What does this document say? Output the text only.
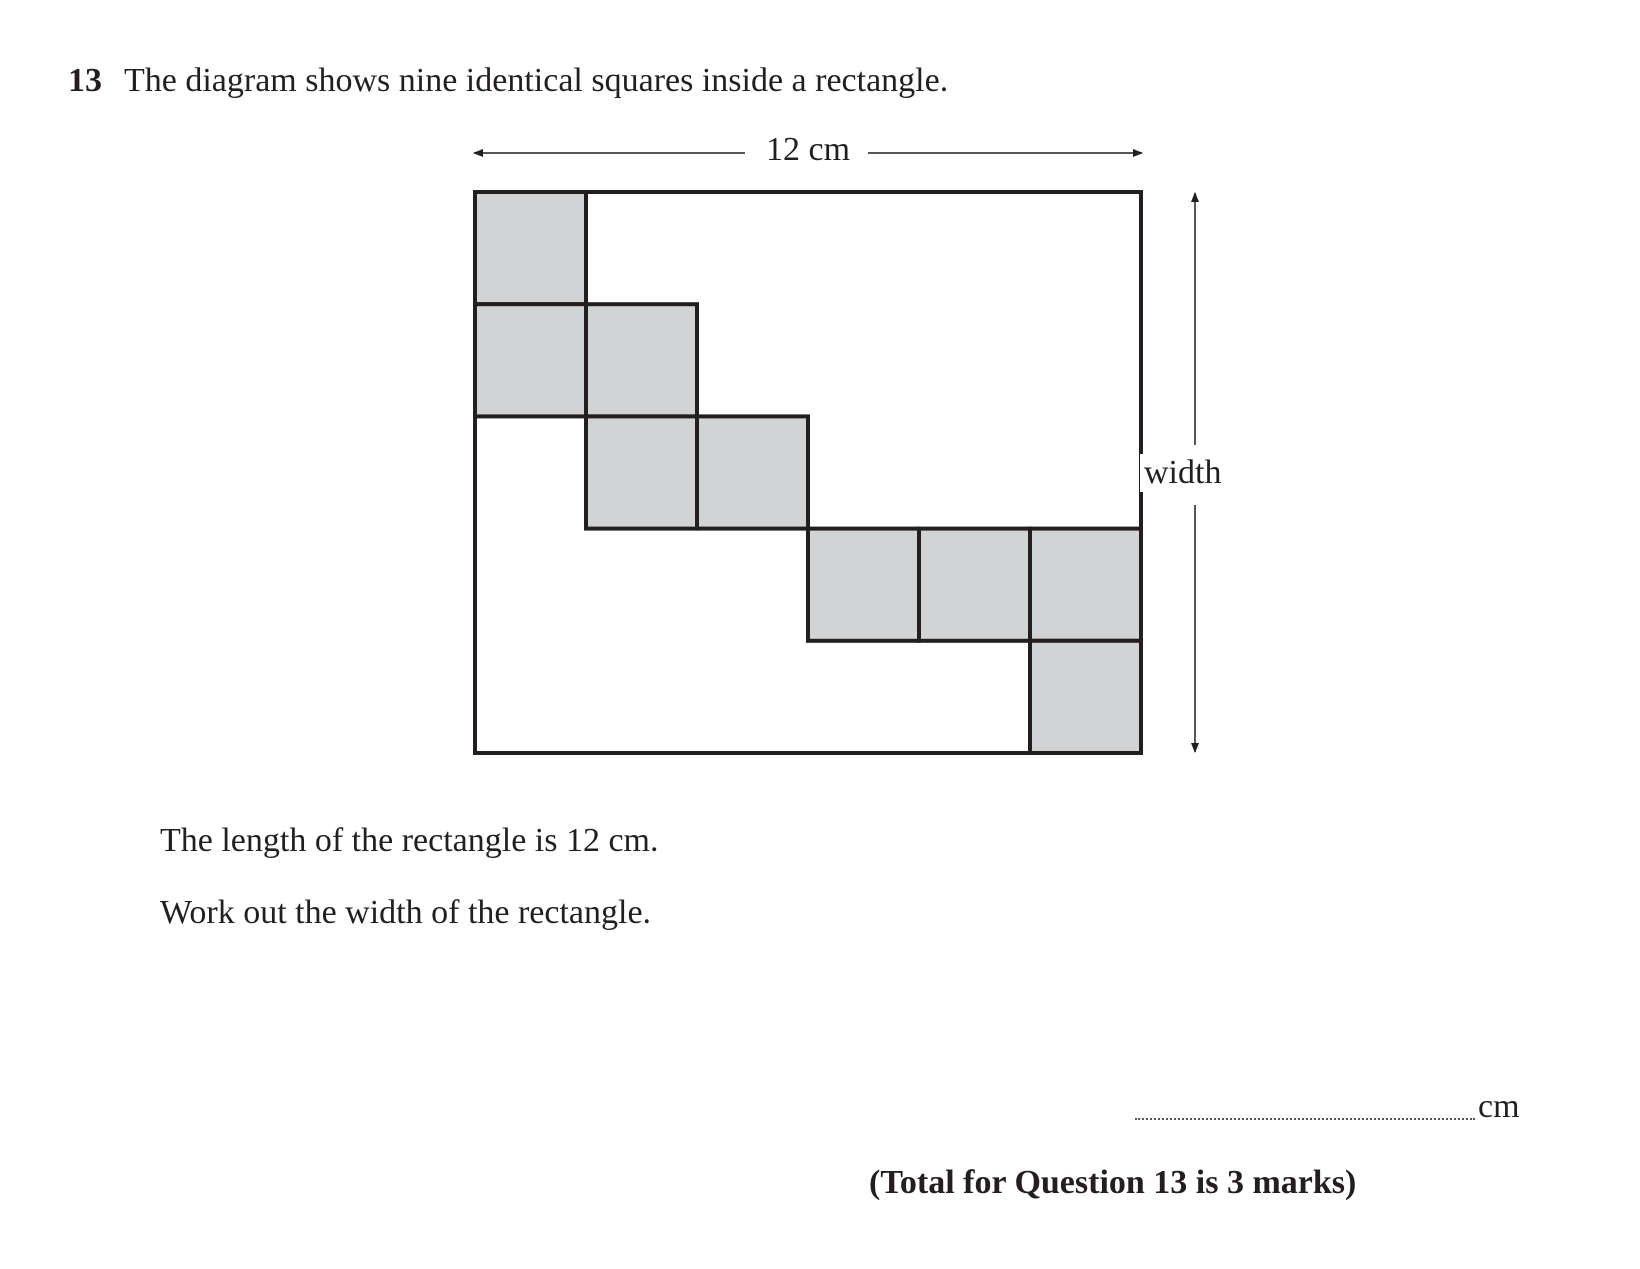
13 The diagram shows nine identical squares inside a rectangle.
12 cm
width
The length of the rectangle is 12 cm.
Work out the width of the rectangle.
cm
(Total for Question 13 is 3 marks)
